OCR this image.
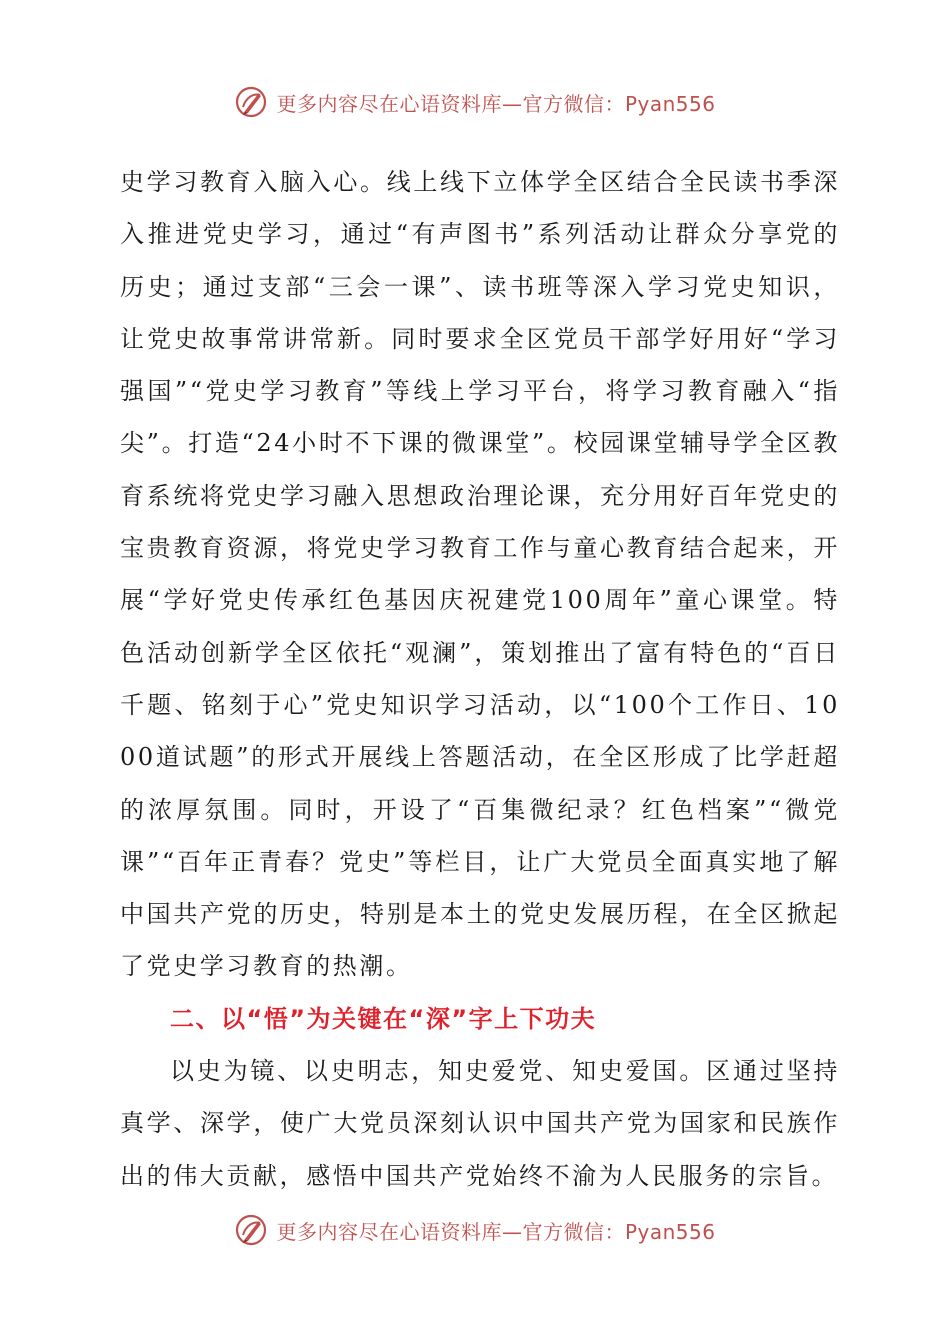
更多内容尽在心语资料库—官方微信：Pyan556

史学习教育入脑入心。线上线下立体学全区结合全民读书季深入推进党史学习，通过“有声图书”系列活动让群众分享党的历史；通过支部“三会一课”、读书班等深入学习党史知识，让党史故事常讲常新。同时要求全区党员干部学好用好“学习强国”“党史学习教育”等线上学习平台，将学习教育融入“指尖”。打造“24小时不下课的微课堂”。校园课堂辅导学全区教育系统将党史学习融入思想政治理论课，充分用好百年党史的宝贵教育资源，将党史学习教育工作与童心教育结合起来，开展“学好党史传承红色基因庆祝建党100周年”童心课堂。特色活动创新学全区依托“观澜”，策划推出了富有特色的“百日千题、铭刻于心”党史知识学习活动，以“100个工作日、1000道试题”的形式开展线上答题活动，在全区形成了比学赶超的浓厚氛围。同时，开设了“百集微纪录？红色档案”“微党课”“百年正青春？党史”等栏目，让广大党员全面真实地了解中国共产党的历史，特别是本土的党史发展历程，在全区掀起了党史学习教育的热潮。

二、以“悟”为关键在“深”字上下功夫

以史为镜、以史明志，知史爱党、知史爱国。区通过坚持真学、深学，使广大党员深刻认识中国共产党为国家和民族作出的伟大贡献，感悟中国共产党始终不渝为人民服务的宗旨。

更多内容尽在心语资料库—官方微信：Pyan556
